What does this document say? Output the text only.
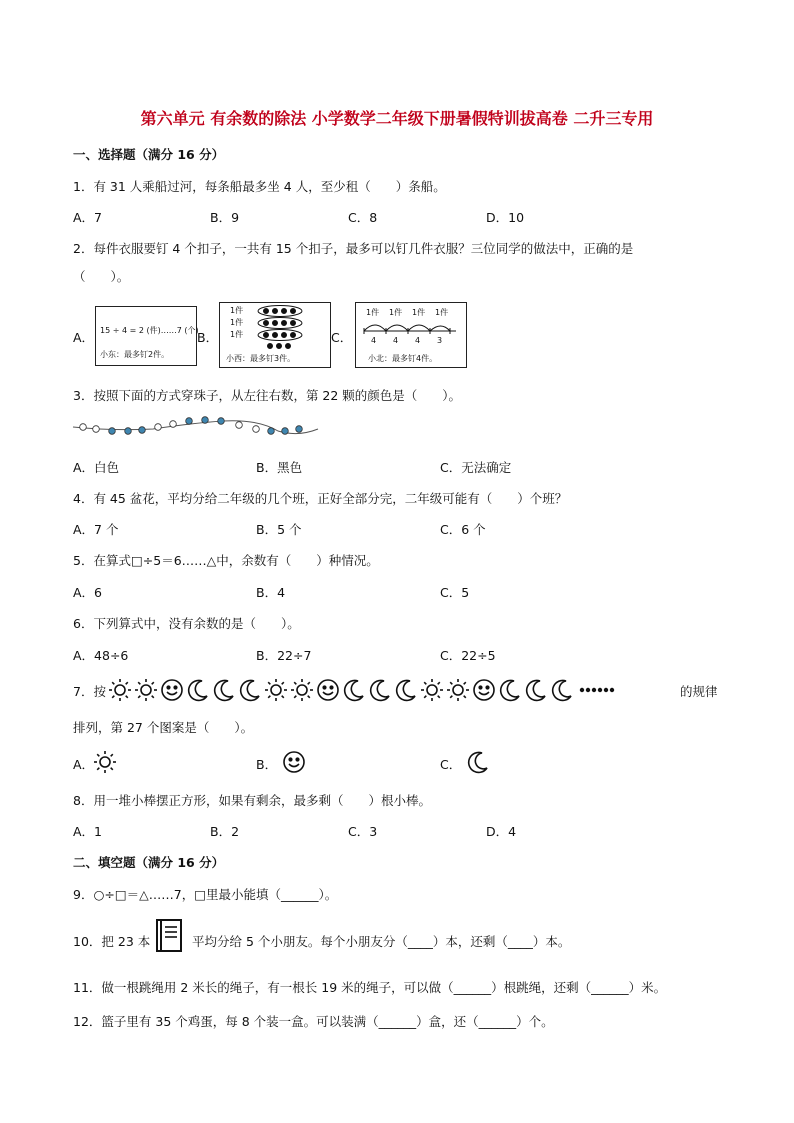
第六单元 有余数的除法 小学数学二年级下册暑假特训拔高卷 二升三专用
一、选择题（满分 16 分）
1．有 31 人乘船过河，每条船最多坐 4 人，至少租（　　）条船。
A．7	B．9	C．8	D．10
2．每件衣服要钉 4 个扣子，一共有 15 个扣子，最多可以钉几件衣服？三位同学的做法中，正确的是
（　　）。
A． 15 ÷ 4 = 2 (件)……7 (个)
小东：最多钉2件。
B．
1件
1件
1件
小西：最多钉3件。
C．
1件 1件 1件 1件
4 4 4 3
小北：最多钉4件。
3．按照下面的方式穿珠子，从左往右数，第 22 颗的颜色是（　　）。
A．白色	B．黑色	C．无法确定
4．有 45 盆花，平均分给二年级的几个班，正好全部分完，二年级可能有（　　）个班？
A．7 个	B．5 个	C．6 个
5．在算式□÷5＝6……△中，余数有（　　）种情况。
A．6	B．4	C．5
6．下列算式中，没有余数的是（　　）。
A．48÷6	B．22÷7	C．22÷5
7．按	的规律
排列，第 27 个图案是（　　）。
A．	B．	C．
8．用一堆小棒摆正方形，如果有剩余，最多剩（　　）根小棒。
A．1	B．2	C．3	D．4
二、填空题（满分 16 分）
9．○÷□＝△……7，□里最小能填（______）。
10．把 23 本	平均分给 5 个小朋友。每个小朋友分（____）本，还剩（____）本。
11．做一根跳绳用 2 米长的绳子，有一根长 19 米的绳子，可以做（______）根跳绳，还剩（______）米。
12．篮子里有 35 个鸡蛋，每 8 个装一盒。可以装满（______）盒，还（______）个。
